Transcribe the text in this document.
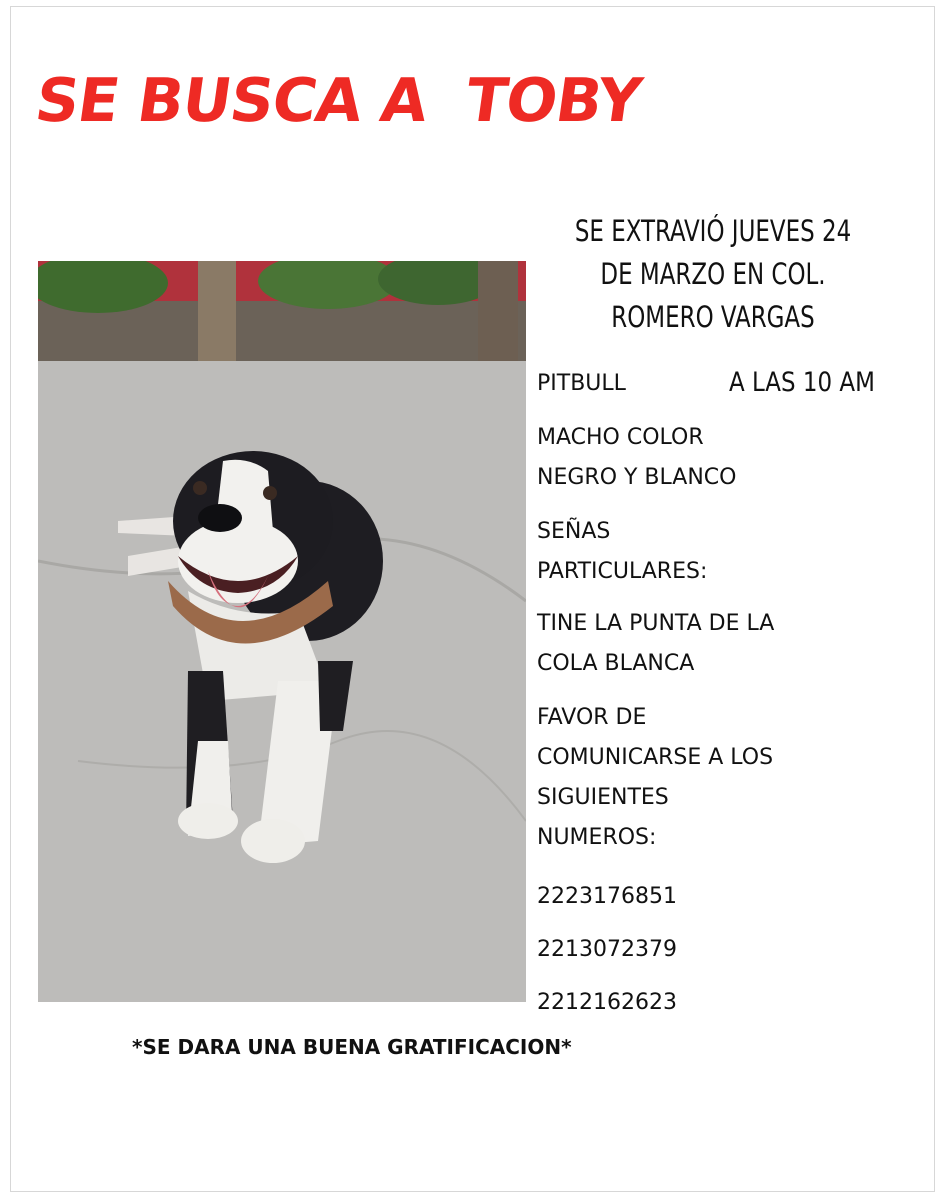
SE BUSCA A  TOBY
SE EXTRAVIÓ JUEVES 24
DE MARZO EN COL.
ROMERO VARGAS
PITBULL	A LAS 10 AM
MACHO COLOR
NEGRO Y BLANCO
SEÑAS
PARTICULARES:
TINE LA PUNTA DE LA
COLA BLANCA
FAVOR DE
COMUNICARSE A LOS
SIGUIENTES
NUMEROS:
2223176851
2213072379
2212162623

*SE DARA UNA BUENA GRATIFICACION*
